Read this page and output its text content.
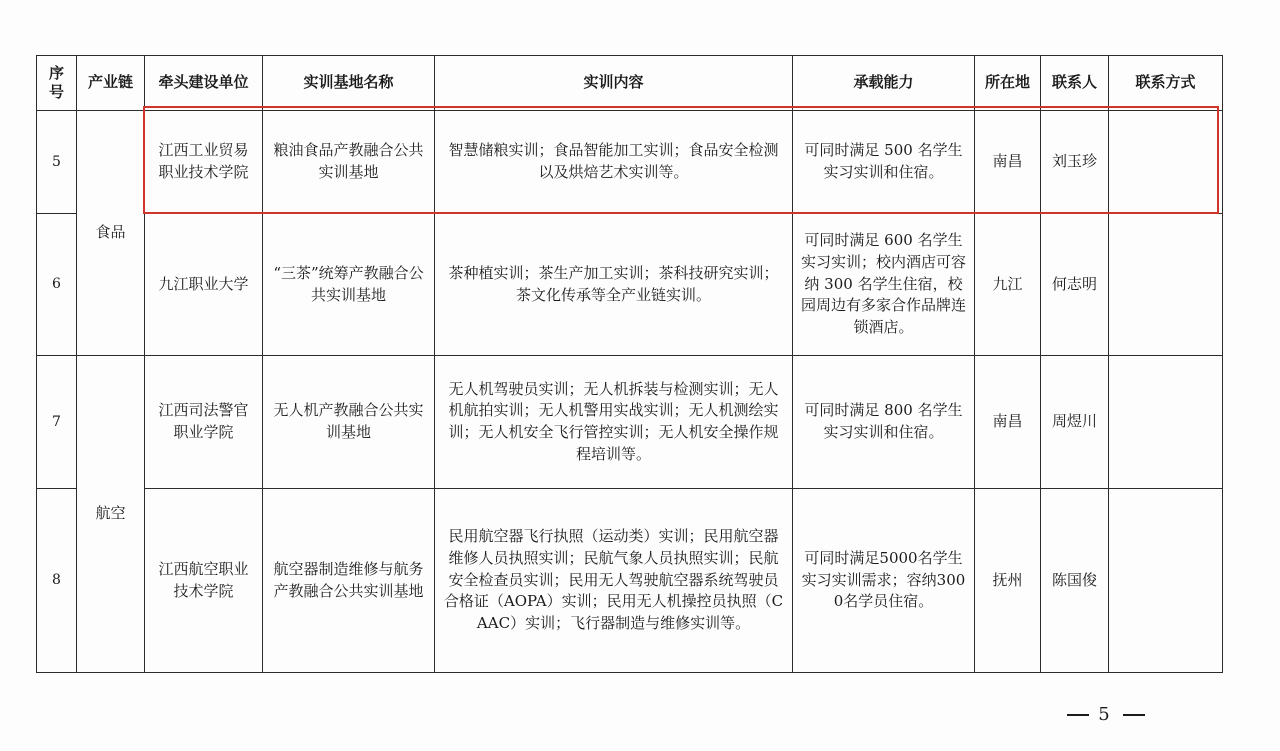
序号	产业链	牵头建设单位	实训基地名称	实训内容	承载能力	所在地	联系人	联系方式
5	食品	江西工业贸易职业技术学院	粮油食品产教融合公共实训基地	智慧储粮实训；食品智能加工实训；食品安全检测以及烘焙艺术实训等。	可同时满足 500 名学生实习实训和住宿。	南昌	刘玉珍	
6		九江职业大学	“三茶”统筹产教融合公共实训基地	茶种植实训；茶生产加工实训；茶科技研究实训；茶文化传承等全产业链实训。	可同时满足 600 名学生实习实训；校内酒店可容纳 300 名学生住宿，校园周边有多家合作品牌连锁酒店。	九江	何志明	
7	航空	江西司法警官职业学院	无人机产教融合公共实训基地	无人机驾驶员实训；无人机拆装与检测实训；无人机航拍实训；无人机警用实战实训；无人机测绘实训；无人机安全飞行管控实训；无人机安全操作规程培训等。	可同时满足 800 名学生实习实训和住宿。	南昌	周煜川	
8		江西航空职业技术学院	航空器制造维修与航务产教融合公共实训基地	民用航空器飞行执照（运动类）实训；民用航空器维修人员执照实训；民航气象人员执照实训；民航安全检查员实训；民用无人驾驶航空器系统驾驶员合格证（AOPA）实训；民用无人机操控员执照（CAAC）实训；飞行器制造与维修实训等。	可同时满足5000名学生实习实训需求；容纳3000名学员住宿。	抚州	陈国俊	
5
